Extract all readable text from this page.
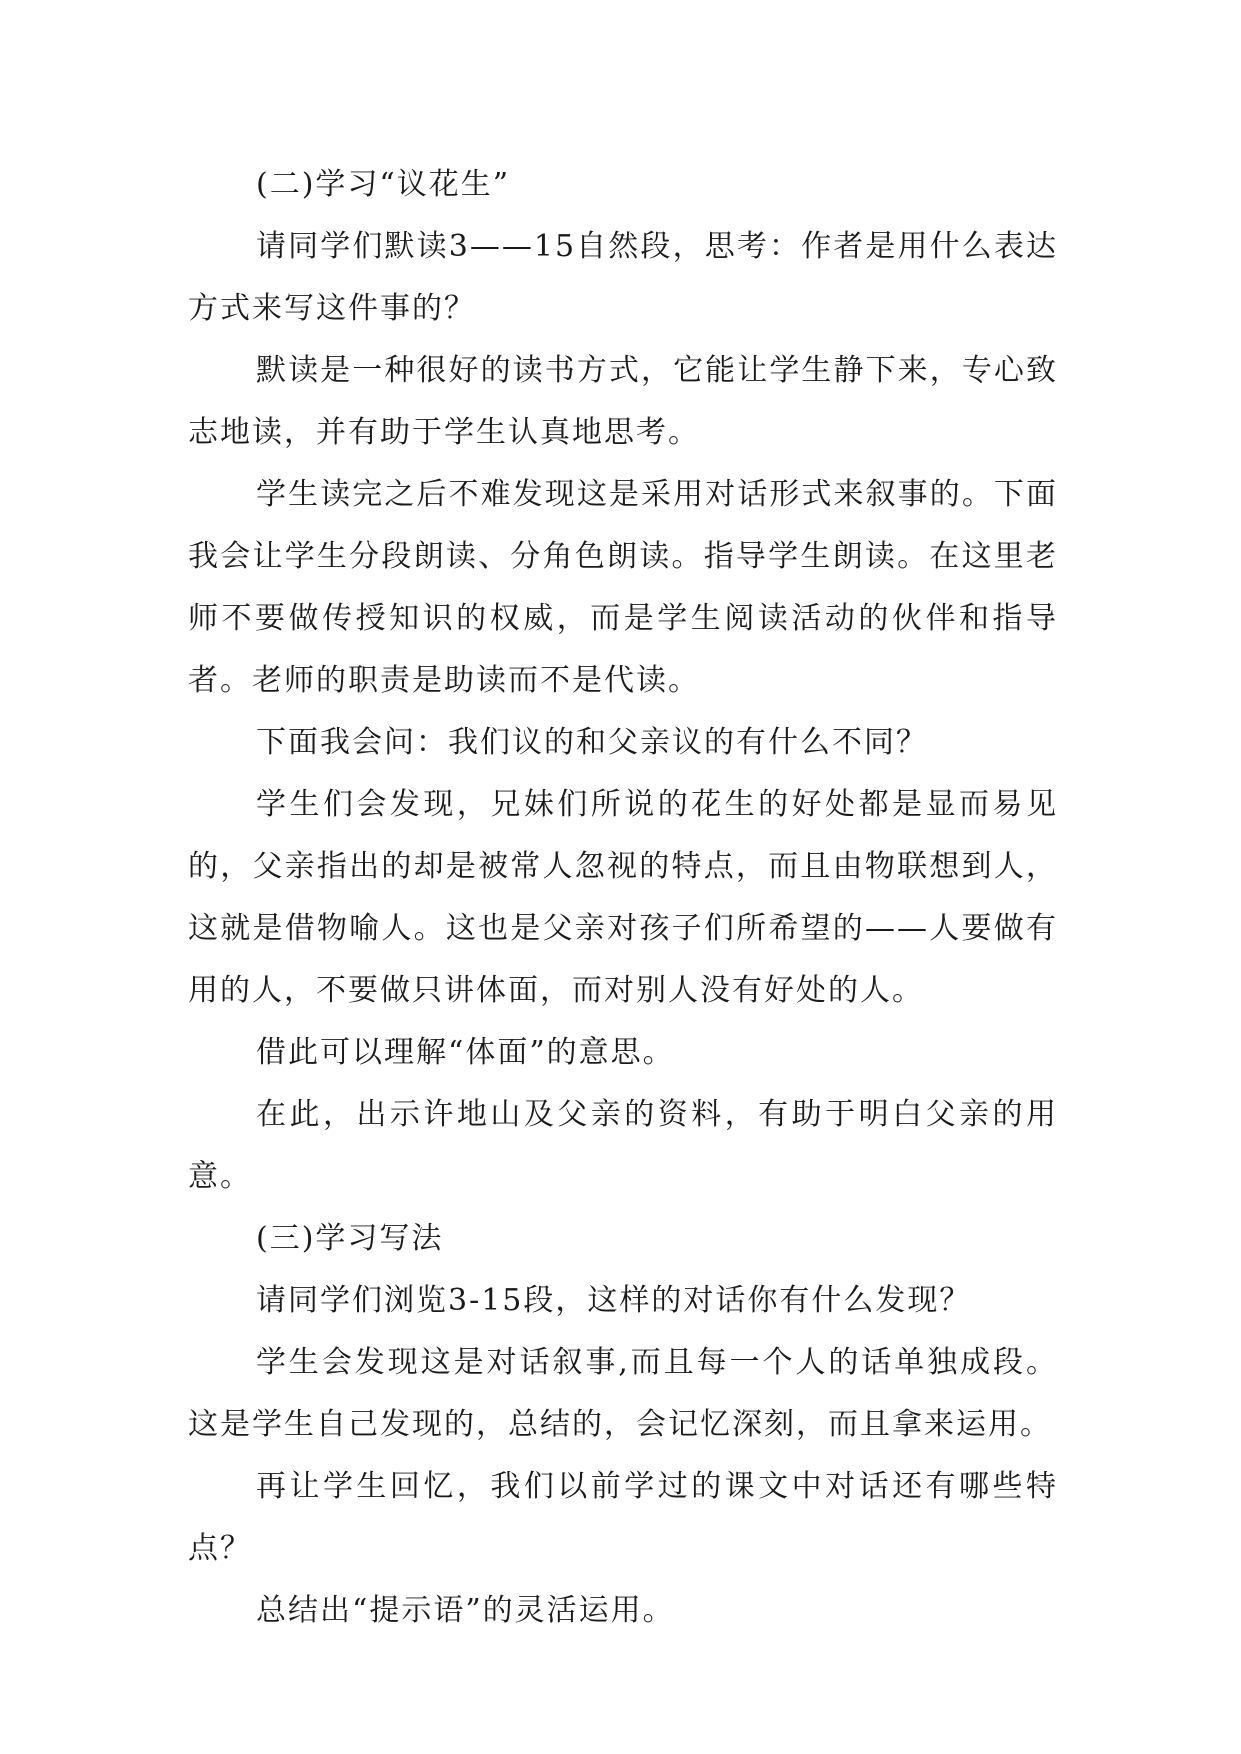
(二)学习“议花生”

请同学们默读3——15自然段，思考：作者是用什么表达方式来写这件事的？

默读是一种很好的读书方式，它能让学生静下来，专心致志地读，并有助于学生认真地思考。

学生读完之后不难发现这是采用对话形式来叙事的。下面我会让学生分段朗读、分角色朗读。指导学生朗读。在这里老师不要做传授知识的权威，而是学生阅读活动的伙伴和指导者。老师的职责是助读而不是代读。

下面我会问：我们议的和父亲议的有什么不同？

学生们会发现，兄妹们所说的花生的好处都是显而易见的，父亲指出的却是被常人忽视的特点，而且由物联想到人，这就是借物喻人。这也是父亲对孩子们所希望的——人要做有用的人，不要做只讲体面，而对别人没有好处的人。

借此可以理解“体面”的意思。

在此，出示许地山及父亲的资料，有助于明白父亲的用意。

(三)学习写法

请同学们浏览3-15段，这样的对话你有什么发现？

学生会发现这是对话叙事,而且每一个人的话单独成段。这是学生自己发现的，总结的，会记忆深刻，而且拿来运用。

再让学生回忆，我们以前学过的课文中对话还有哪些特点？

总结出“提示语”的灵活运用。
